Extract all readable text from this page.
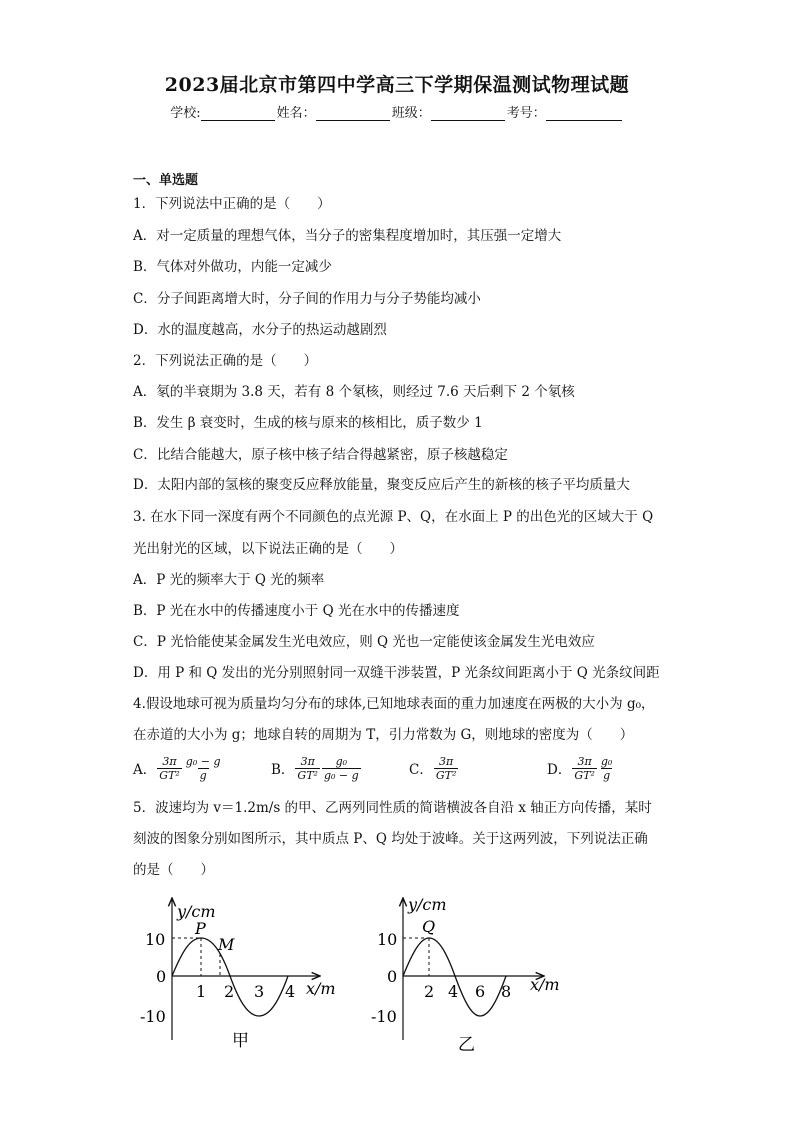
2023届北京市第四中学高三下学期保温测试物理试题
学校:	姓名：	班级：	考号：
一、单选题
1．下列说法中正确的是（　　）
A．对一定质量的理想气体，当分子的密集程度增加时，其压强一定增大
B．气体对外做功，内能一定减少
C．分子间距离增大时，分子间的作用力与分子势能均减小
D．水的温度越高，水分子的热运动越剧烈
2．下列说法正确的是（　　）
A．氡的半衰期为 3.8 天，若有 8 个氡核，则经过 7.6 天后剩下 2 个氡核
B．发生 β 衰变时，生成的核与原来的核相比，质子数少 1
C．比结合能越大，原子核中核子结合得越紧密，原子核越稳定
D．太阳内部的氢核的聚变反应释放能量，聚变反应后产生的新核的核子平均质量大
3. 在水下同一深度有两个不同颜色的点光源 P、Q，在水面上 P 的出色光的区域大于 Q
光出射光的区域，以下说法正确的是（　　）
A．P 光的频率大于 Q 光的频率
B．P 光在水中的传播速度小于 Q 光在水中的传播速度
C．P 光恰能使某金属发生光电效应，则 Q 光也一定能使该金属发生光电效应
D．用 P 和 Q 发出的光分别照射同一双缝干涉装置，P 光条纹间距离小于 Q 光条纹间距
4.假设地球可视为质量均匀分布的球体,已知地球表面的重力加速度在两极的大小为 g₀，
在赤道的大小为 g；地球自转的周期为 T，引力常数为 G，则地球的密度为（　　）
A． $\frac{3\pi}{\text{GT²}} \frac{\text{g₀ − g}}{g}$	B． $\frac{3\pi}{\text{GT²}} \frac{\text{g₀}}{\text{g₀ − g}}$	C． $\frac{3\pi}{\text{GT²}}$	D． $\frac{3\pi}{\text{GT²}} \frac{\text{g₀}}{g}$
5．波速均为 v＝1.2m/s 的甲、乙两列同性质的简谐横波各自沿 x 轴正方向传播，某时
刻波的图象分别如图所示，其中质点 P、Q 均处于波峰。关于这两列波，下列说法正确
的是（　　）
y/cm
x/m
10
0
-10
1 2 3 4
P
M
甲
y/cm
x/m
10
0
-10
2 4 6 8
Q
乙
